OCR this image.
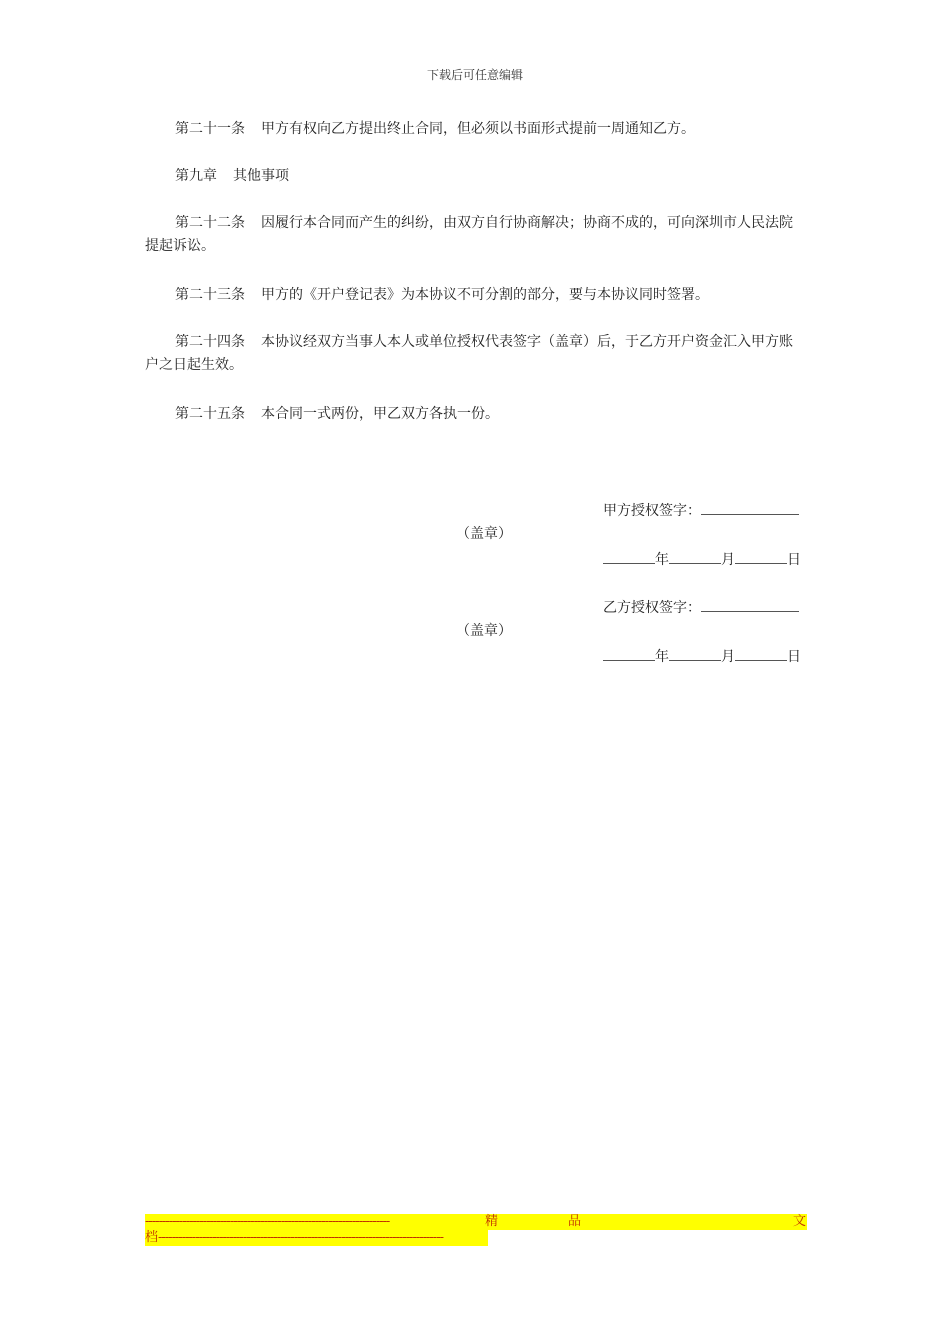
下载后可任意编辑

第二十一条 甲方有权向乙方提出终止合同，但必须以书面形式提前一周通知乙方。

第九章 其他事项

第二十二条 因履行本合同而产生的纠纷，由双方自行协商解决；协商不成的，可向深圳市人民法院提起诉讼。

第二十三条 甲方的《开户登记表》为本协议不可分割的部分，要与本协议同时签署。

第二十四条 本协议经双方当事人本人或单位授权代表签字（盖章）后，于乙方开户资金汇入甲方账户之日起生效。

第二十五条 本合同一式两份，甲乙双方各执一份。

甲方授权签字：
（盖章）
年	月	日
乙方授权签字：
（盖章）
年	月	日
------------------------------------------------------------------------	精	品	文
档 ------------------------------------------------------------------------------------
